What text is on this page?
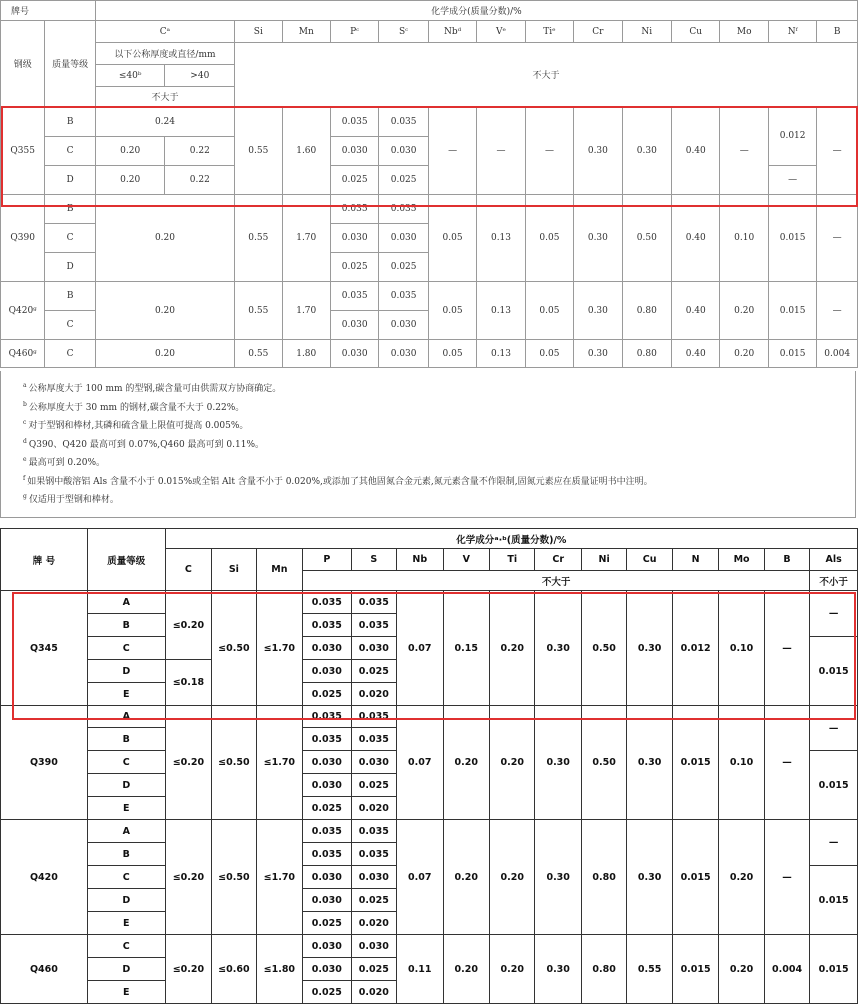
牌号		化学成分(质量分数)/%														
钢级	质量等级	Cᵃ		Si	Mn	Pᶜ	Sᶜ	Nbᵈ	Vᵉ	Tiᵉ	Cr	Ni	Cu	Mo	Nᶠ	B
		以下公称厚度或直径/mm		不大于												
		≤40ᵇ	>40													
		不大于														
Q355	B	0.24		0.55	1.60	0.035	0.035	—	—	—	0.30	0.30	0.40	—	0.012	—
	C	0.20	0.22			0.030	0.030									
	D	0.20	0.22			0.025	0.025								—	
Q390	B	0.20		0.55	1.70	0.035	0.035	0.05	0.13	0.05	0.30	0.50	0.40	0.10	0.015	—
	C					0.030	0.030									
	D					0.025	0.025									
Q420ᵍ	B	0.20		0.55	1.70	0.035	0.035	0.05	0.13	0.05	0.30	0.80	0.40	0.20	0.015	—
	C					0.030	0.030									
Q460ᵍ	C	0.20		0.55	1.80	0.030	0.030	0.05	0.13	0.05	0.30	0.80	0.40	0.20	0.015	0.004
$^a$ 公称厚度大于 100 mm 的型钢,碳含量可由供需双方协商确定。
$^b$ 公称厚度大于 30 mm 的钢材,碳含量不大于 0.22%。
$^c$ 对于型钢和棒材,其磷和硫含量上限值可提高 0.005%。
$^d$ Q390、Q420 最高可到 0.07%,Q460 最高可到 0.11%。
$^e$ 最高可到 0.20%。
$^f$ 如果钢中酸溶铝 Als 含量不小于 0.015%或全铝 Alt 含量不小于 0.020%,或添加了其他固氮合金元素,氮元素含量不作限制,固氮元素应在质量证明书中注明。
$^g$ 仅适用于型钢和棒材。
牌 号	质量等级	化学成分ᵃ·ᵇ(质量分数)/%														
		C	Si	Mn	P	S	Nb	V	Ti	Cr	Ni	Cu	N	Mo	B	Als
					不大于											不小于
Q345	A	≤0.20	≤0.50	≤1.70	0.035	0.035	0.07	0.15	0.20	0.30	0.50	0.30	0.012	0.10	—	—
	B				0.035	0.035										
	C				0.030	0.030										0.015
	D	≤0.18			0.030	0.025										
	E				0.025	0.020										
Q390	A	≤0.20	≤0.50	≤1.70	0.035	0.035	0.07	0.20	0.20	0.30	0.50	0.30	0.015	0.10	—	—
	B				0.035	0.035										
	C				0.030	0.030										0.015
	D				0.030	0.025										
	E				0.025	0.020										
Q420	A	≤0.20	≤0.50	≤1.70	0.035	0.035	0.07	0.20	0.20	0.30	0.80	0.30	0.015	0.20	—	—
	B				0.035	0.035										
	C				0.030	0.030										0.015
	D				0.030	0.025										
	E				0.025	0.020										
Q460	C	≤0.20	≤0.60	≤1.80	0.030	0.030	0.11	0.20	0.20	0.30	0.80	0.55	0.015	0.20	0.004	0.015
	D				0.030	0.025										
	E				0.025	0.020										
